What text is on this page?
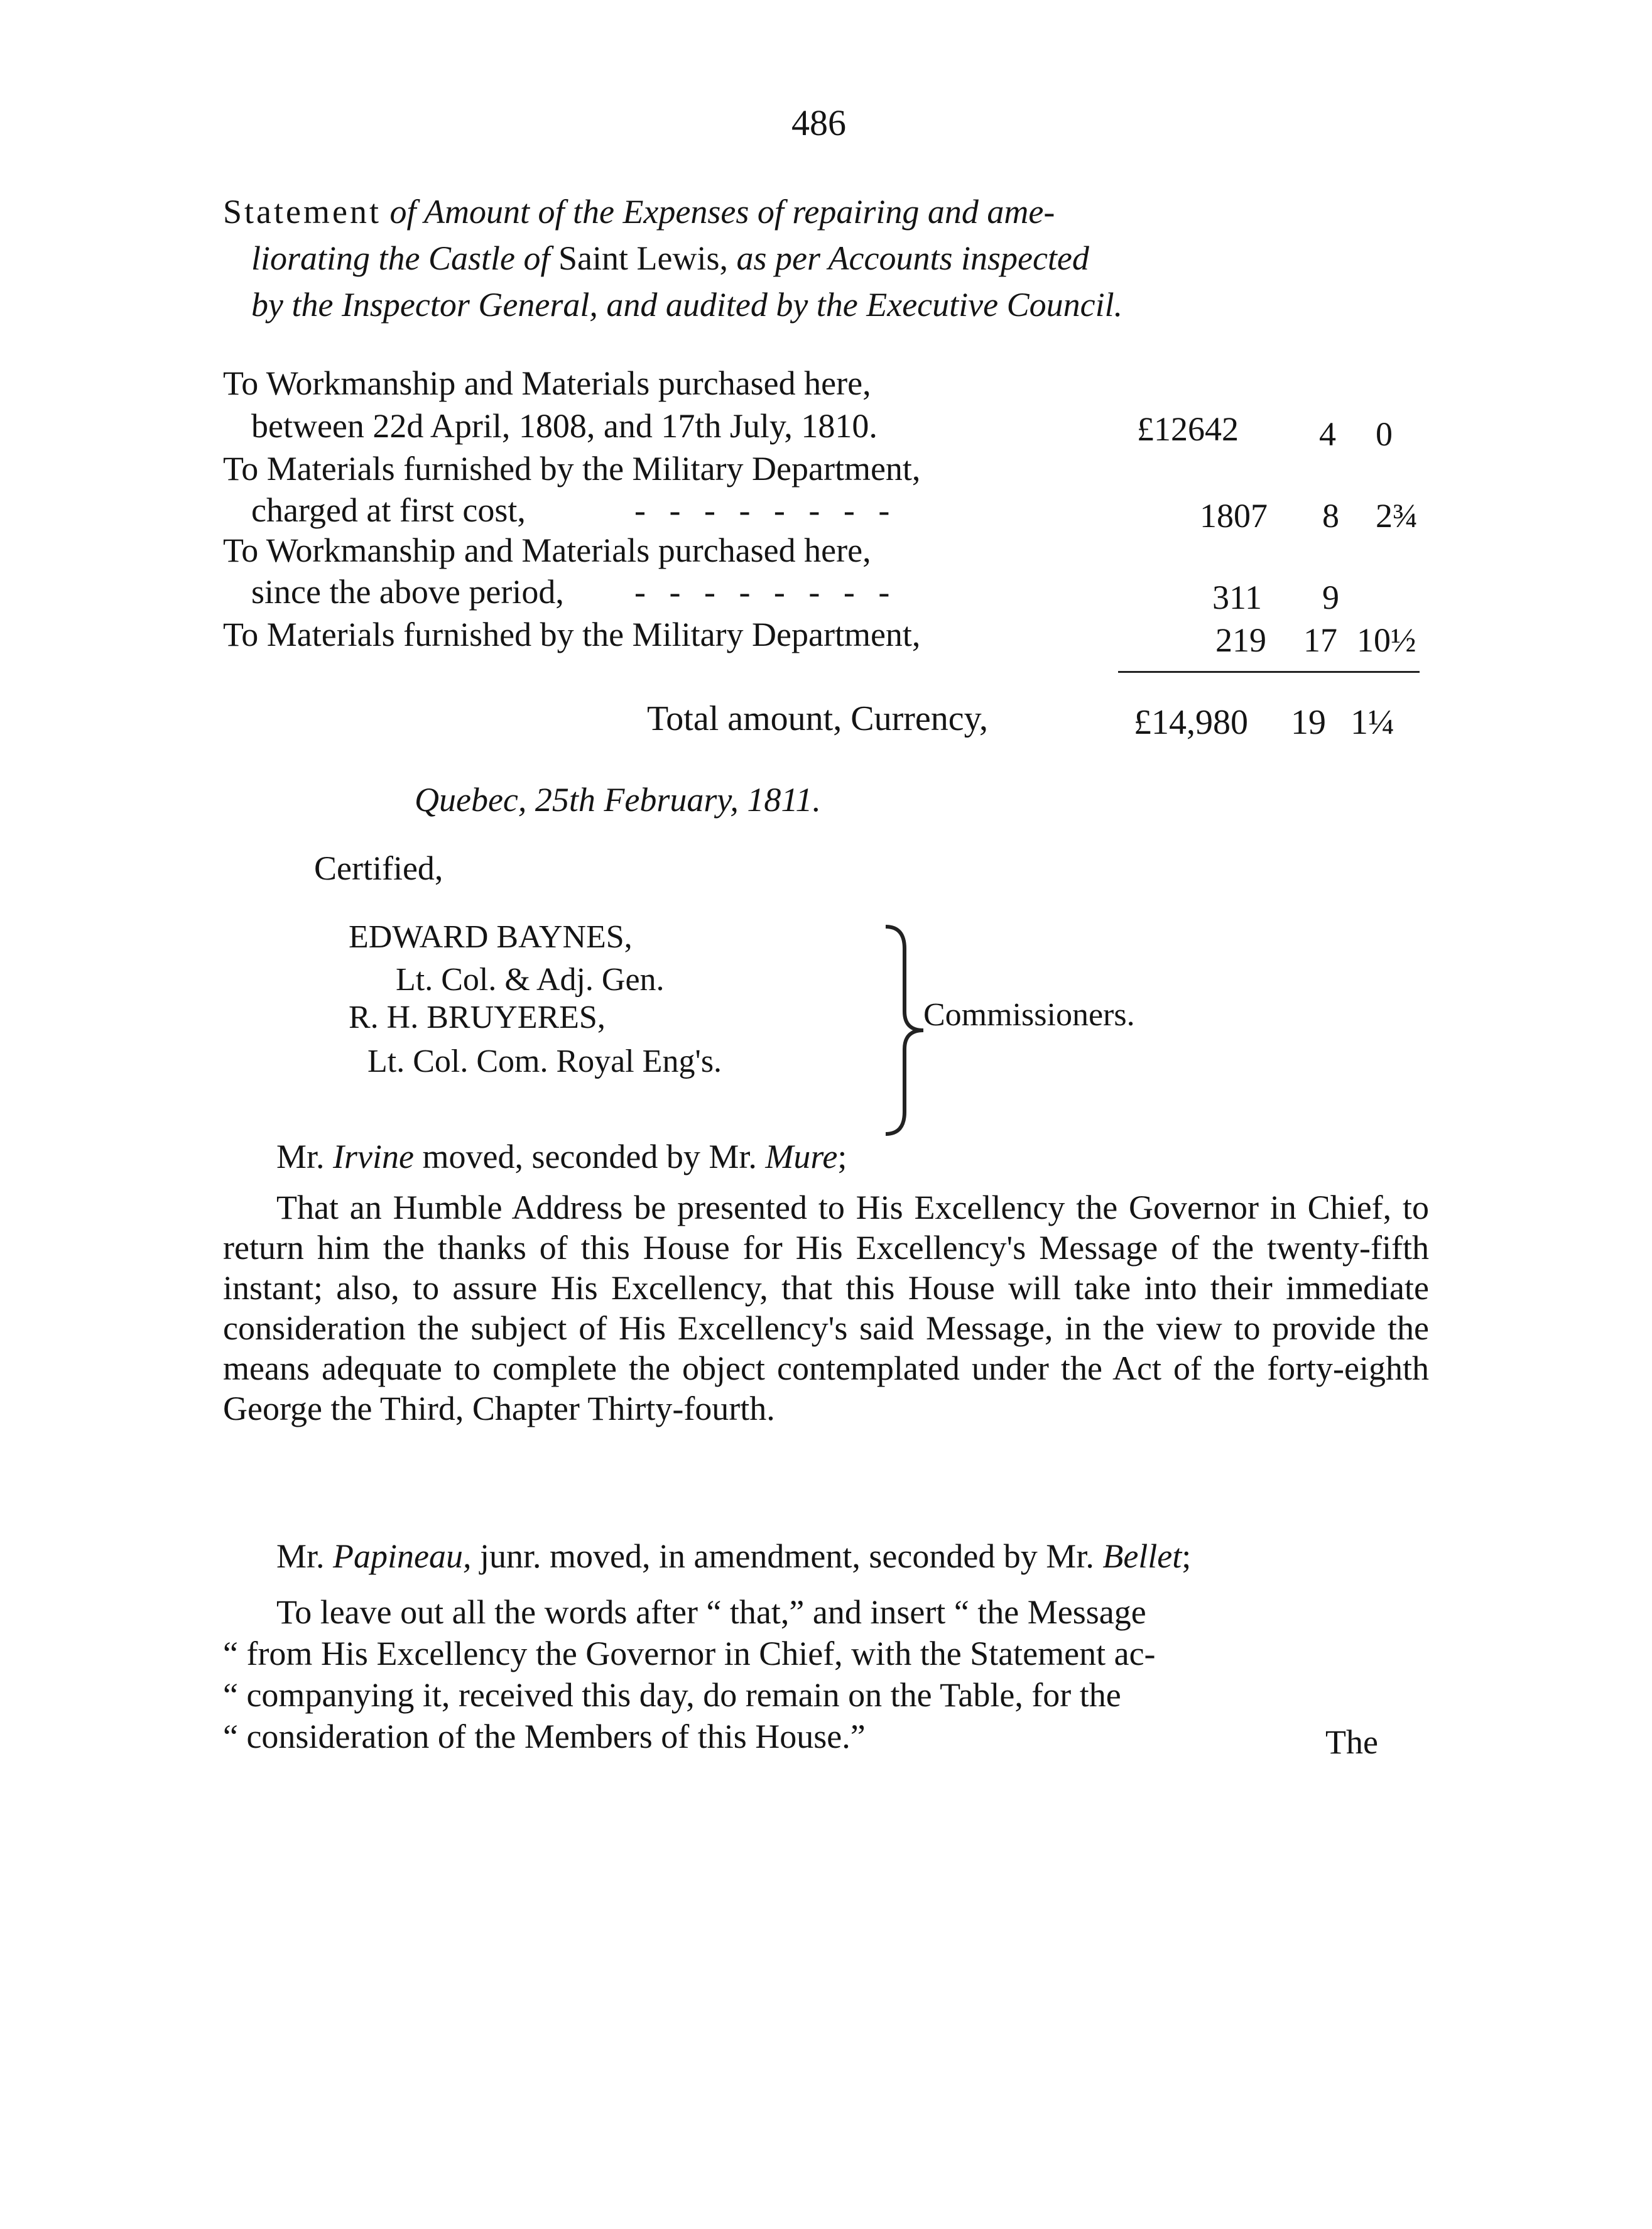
486
Statement of Amount of the Expenses of repairing and ame-
liorating the Castle of Saint Lewis, as per Accounts inspected
by the Inspector General, and audited by the Executive Council.
To Workmanship and Materials purchased here,
between 22d April, 1808, and 17th July, 1810.	£12642 4 0
To Materials furnished by the Military Department,
charged at first cost,	- - - - - - - -	1807 8 2¾
To Workmanship and Materials purchased here,
since the above period, - - - - - - - -	311 9
To Materials furnished by the Military Department,	219 17 10½
Total amount, Currency,	£14,980 19 1¼
Quebec, 25th February, 1811.
Certified,
EDWARD BAYNES,
Lt. Col. & Adj. Gen.
R. H. BRUYERES,
Lt. Col. Com. Royal Eng's.
Commissioners.
Mr. Irvine moved, seconded by Mr. Mure;
That an Humble Address be presented to His Excellency the Governor in Chief, to return him the thanks of this House for His Excellency's Message of the twenty-fifth instant; also, to assure His Excellency, that this House will take into their immediate consideration the subject of His Excellency's said Message, in the view to provide the means adequate to complete the object contemplated under the Act of the forty-eighth George the Third, Chapter Thirty-fourth.
Mr. Papineau, junr. moved, in amendment, seconded by Mr. Bellet;
To leave out all the words after “ that,” and insert “ the Message
“ from His Excellency the Governor in Chief, with the Statement ac-
“ companying it, received this day, do remain on the Table, for the
“ consideration of the Members of this House.”	The
